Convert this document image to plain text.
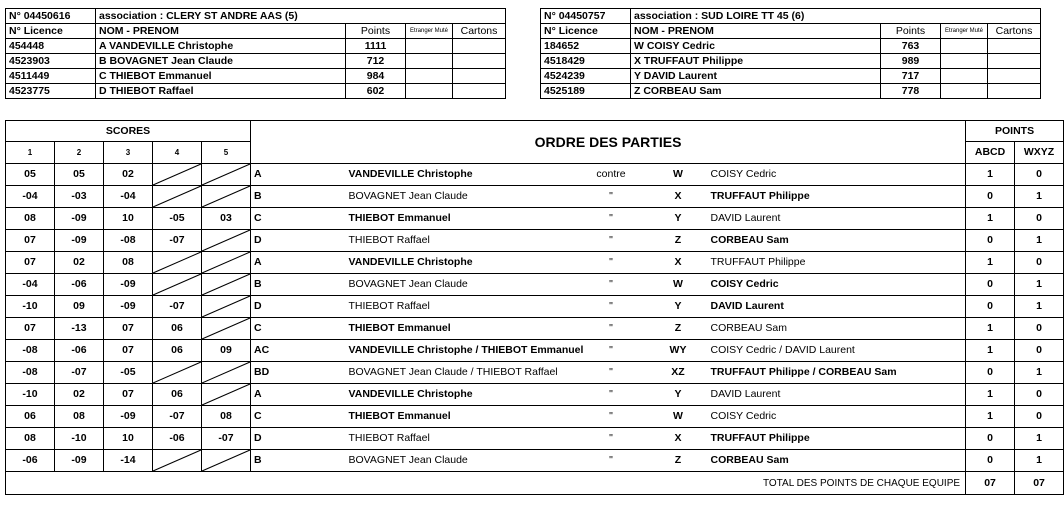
N° 04450616	association : CLERY ST ANDRE AAS (5)			
N° Licence	NOM - PRENOM	Points	Etranger Muté	Cartons
454448	A VANDEVILLE Christophe	1111		
4523903	B BOVAGNET Jean Claude	712		
4511449	C THIEBOT Emmanuel	984		
4523775	D THIEBOT Raffael	602		
N° 04450757	association : SUD LOIRE TT 45 (6)			
N° Licence	NOM - PRENOM	Points	Etranger Muté	Cartons
184652	W COISY Cedric	763		
4518429	X TRUFFAUT Philippe	989		
4524239	Y DAVID Laurent	717		
4525189	Z CORBEAU Sam	778		
SCORES					ORDRE DES PARTIES					POINTS	
1	2	3	4	5						ABCD	WXYZ
05	05	02			A	VANDEVILLE Christophe	contre	W	COISY Cedric	1	0
-04	-03	-04			B	BOVAGNET Jean Claude	"	X	TRUFFAUT Philippe	0	1
08	-09	10	-05	03	C	THIEBOT Emmanuel	"	Y	DAVID Laurent	1	0
07	-09	-08	-07		D	THIEBOT Raffael	"	Z	CORBEAU Sam	0	1
07	02	08			A	VANDEVILLE Christophe	"	X	TRUFFAUT Philippe	1	0
-04	-06	-09			B	BOVAGNET Jean Claude	"	W	COISY Cedric	0	1
-10	09	-09	-07		D	THIEBOT Raffael	"	Y	DAVID Laurent	0	1
07	-13	07	06		C	THIEBOT Emmanuel	"	Z	CORBEAU Sam	1	0
-08	-06	07	06	09	AC	VANDEVILLE Christophe / THIEBOT Emmanuel	"	WY	COISY Cedric / DAVID Laurent	1	0
-08	-07	-05			BD	BOVAGNET Jean Claude / THIEBOT Raffael	"	XZ	TRUFFAUT Philippe / CORBEAU Sam	0	1
-10	02	07	06		A	VANDEVILLE Christophe	"	Y	DAVID Laurent	1	0
06	08	-09	-07	08	C	THIEBOT Emmanuel	"	W	COISY Cedric	1	0
08	-10	10	-06	-07	D	THIEBOT Raffael	"	X	TRUFFAUT Philippe	0	1
-06	-09	-14			B	BOVAGNET Jean Claude	"	Z	CORBEAU Sam	0	1
TOTAL DES POINTS DE CHAQUE EQUIPE										07	07
